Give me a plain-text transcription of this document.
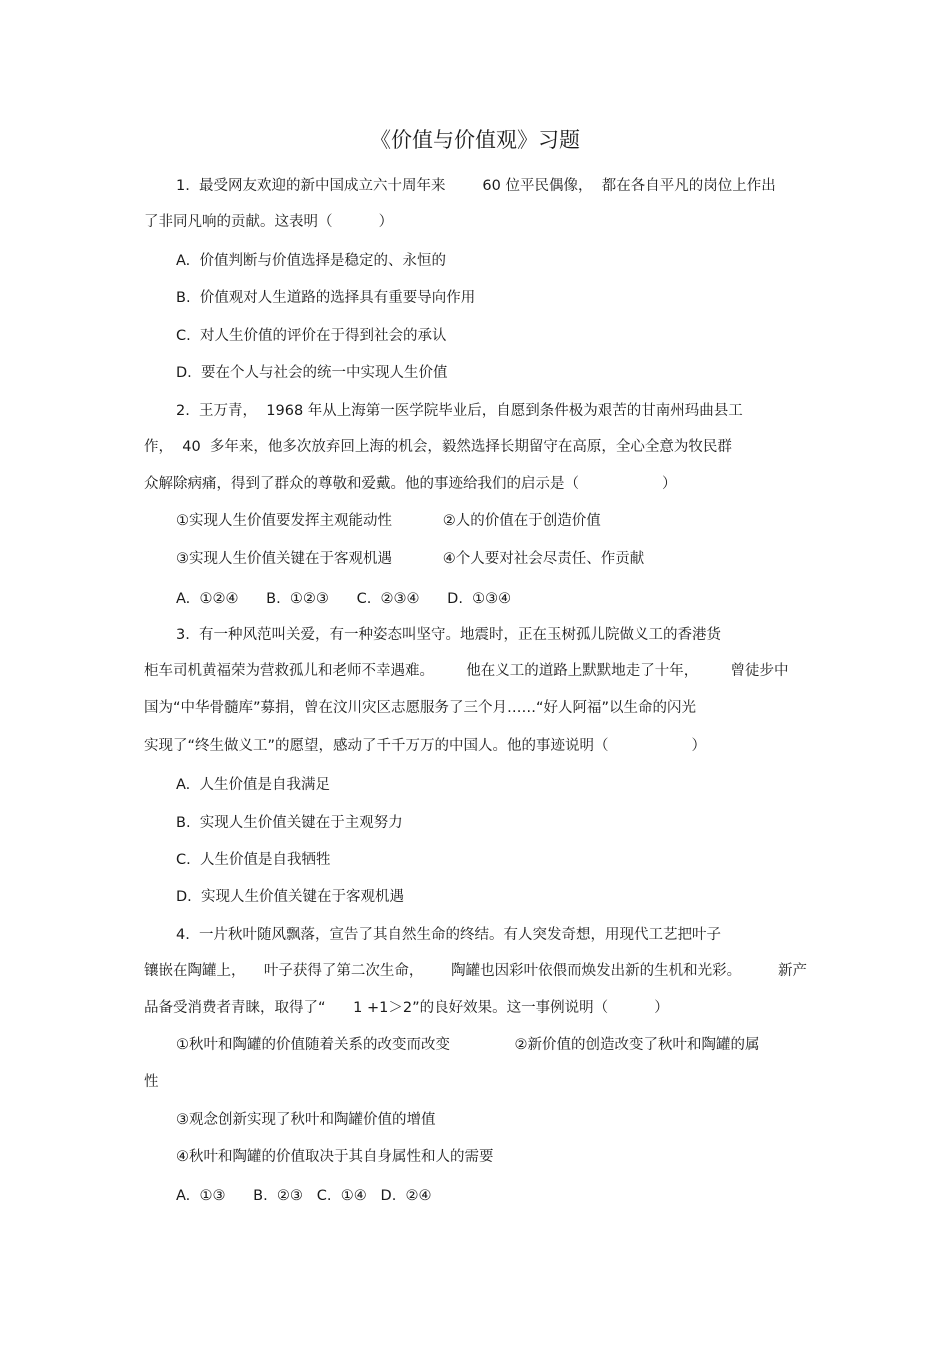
《价值与价值观》习题
1.  最受网友欢迎的新中国成立六十周年来        60 位平民偶像，  都在各自平凡的岗位上作出
了非同凡响的贡献。这表明（          ）
A.  价值判断与价值选择是稳定的、永恒的
B.  价值观对人生道路的选择具有重要导向作用
C.  对人生价值的评价在于得到社会的承认
D.  要在个人与社会的统一中实现人生价值
2.  王万青，  1968 年从上海第一医学院毕业后，自愿到条件极为艰苦的甘南州玛曲县工
作，  40  多年来，他多次放弃回上海的机会，毅然选择长期留守在高原，全心全意为牧民群
众解除病痛，得到了群众的尊敬和爱戴。他的事迹给我们的启示是（                  ）
①实现人生价值要发挥主观能动性           ②人的价值在于创造价值
③实现人生价值关键在于客观机遇           ④个人要对社会尽责任、作贡献
A.  ①②④      B.  ①②③      C.  ②③④      D.  ①③④
3.  有一种风范叫关爱，有一种姿态叫坚守。地震时，正在玉树孤儿院做义工的香港货
柜车司机黄福荣为营救孤儿和老师不幸遇难。       他在义工的道路上默默地走了十年，       曾徒步中
国为“中华骨髓库”募捐，曾在汶川灾区志愿服务了三个月……“好人阿福”以生命的闪光
实现了“终生做义工”的愿望，感动了千千万万的中国人。他的事迹说明（                  ）
A.  人生价值是自我满足
B.  实现人生价值关键在于主观努力
C.  人生价值是自我牺牲
D.  实现人生价值关键在于客观机遇
4.  一片秋叶随风飘落，宣告了其自然生命的终结。有人突发奇想，用现代工艺把叶子
镶嵌在陶罐上，    叶子获得了第二次生命，      陶罐也因彩叶依偎而焕发出新的生机和光彩。        新产
品备受消费者青睐，取得了“      1 +1＞2”的良好效果。这一事例说明（          ）
①秋叶和陶罐的价值随着关系的改变而改变              ②新价值的创造改变了秋叶和陶罐的属
性
③观念创新实现了秋叶和陶罐价值的增值
④秋叶和陶罐的价值取决于其自身属性和人的需要
A.  ①③      B.  ②③   C.  ①④   D.  ②④
